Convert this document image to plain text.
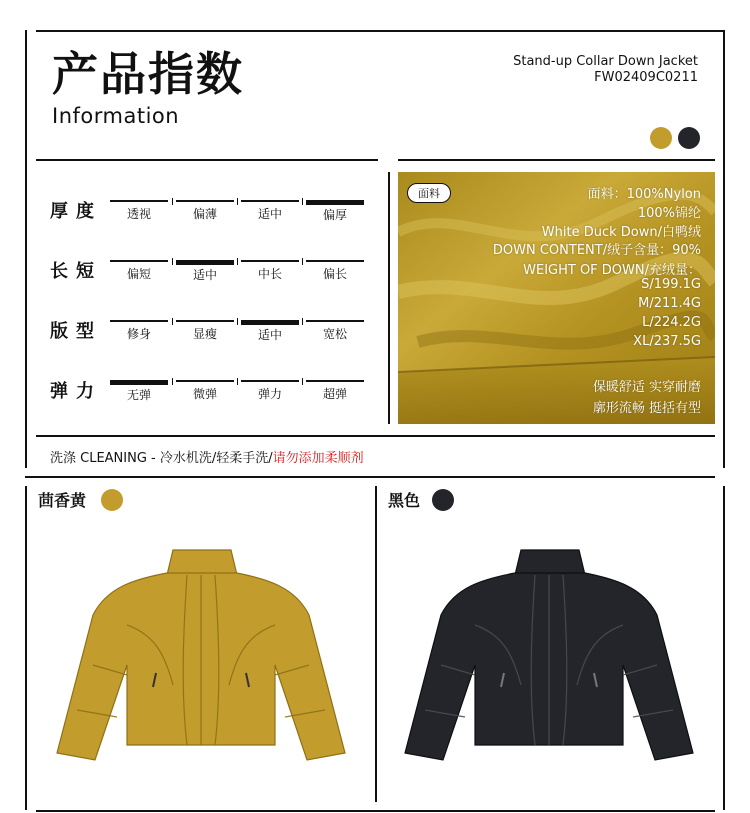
产品指数
Information
Stand-up Collar Down Jacket
FW02409C0211
厚度	透视	偏薄	适中	偏厚
长短	偏短	适中	中长	偏长
版型	修身	显瘦	适中	宽松
弹力	无弹	微弹	弹力	超弹
面料	面料：100%Nylon
100%锦纶
White Duck Down/白鸭绒
DOWN CONTENT/绒子含量：90%
WEIGHT OF DOWN/充绒量：
S/199.1G
M/211.4G
L/224.2G
XL/237.5G
保暖舒适 实穿耐磨
廓形流畅 挺括有型
洗涤 CLEANING - 冷水机洗/轻柔手洗/请勿添加柔顺剂
茴香黄	黑色
